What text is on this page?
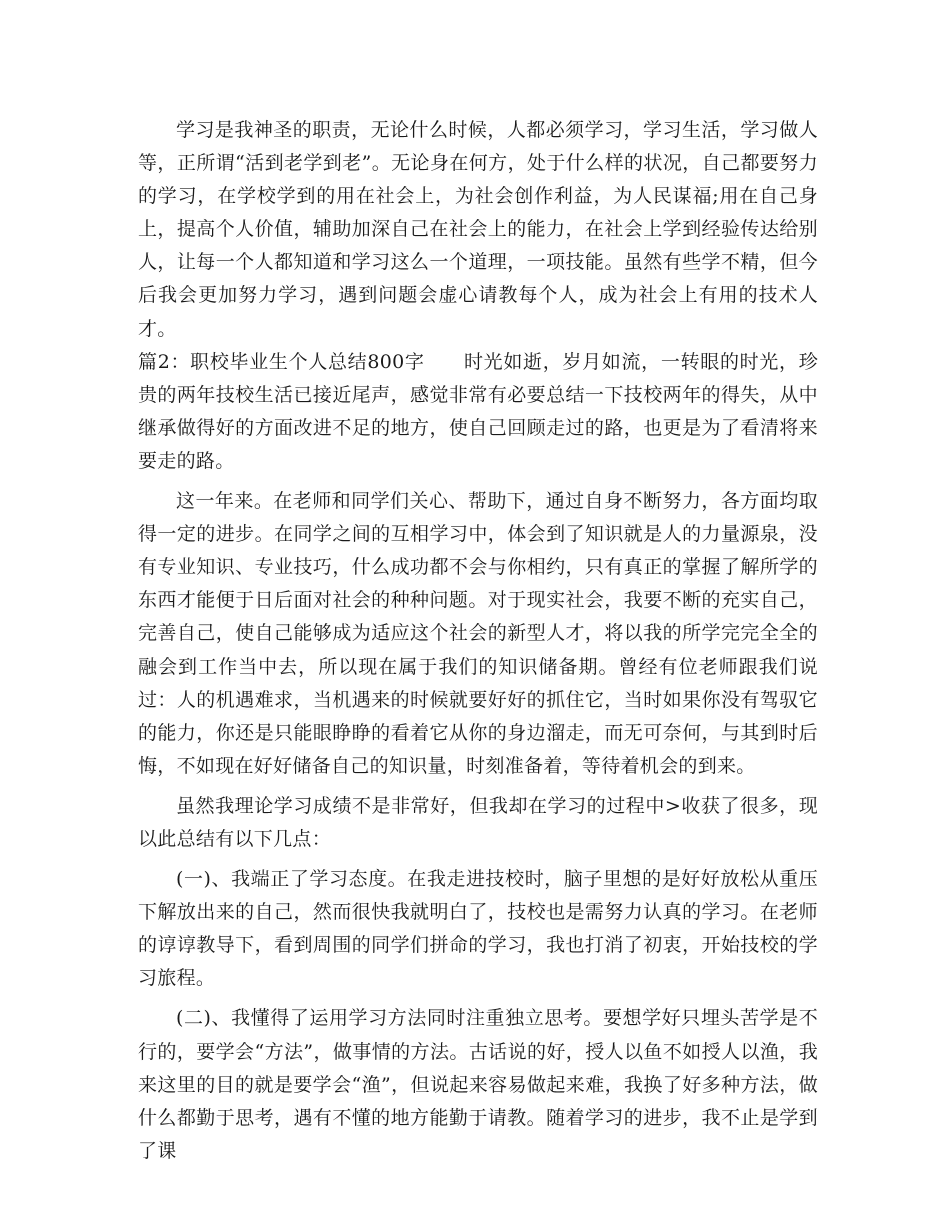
学习是我神圣的职责，无论什么时候，人都必须学习，学习生活，学习做人等，正所谓“活到老学到老”。无论身在何方，处于什么样的状况，自己都要努力的学习，在学校学到的用在社会上，为社会创作利益，为人民谋福;用在自己身上，提高个人价值，辅助加深自己在社会上的能力，在社会上学到经验传达给别人，让每一个人都知道和学习这么一个道理，一项技能。虽然有些学不精，但今后我会更加努力学习，遇到问题会虚心请教每个人，成为社会上有用的技术人才。

篇2：职校毕业生个人总结800字　　时光如逝，岁月如流，一转眼的时光，珍贵的两年技校生活已接近尾声，感觉非常有必要总结一下技校两年的得失，从中继承做得好的方面改进不足的地方，使自己回顾走过的路，也更是为了看清将来要走的路。

这一年来。在老师和同学们关心、帮助下，通过自身不断努力，各方面均取得一定的进步。在同学之间的互相学习中，体会到了知识就是人的力量源泉，没有专业知识、专业技巧，什么成功都不会与你相约，只有真正的掌握了解所学的东西才能便于日后面对社会的种种问题。对于现实社会，我要不断的充实自己，完善自己，使自己能够成为适应这个社会的新型人才，将以我的所学完完全全的融会到工作当中去，所以现在属于我们的知识储备期。曾经有位老师跟我们说过：人的机遇难求，当机遇来的时候就要好好的抓住它，当时如果你没有驾驭它的能力，你还是只能眼睁睁的看着它从你的身边溜走，而无可奈何，与其到时后悔，不如现在好好储备自己的知识量，时刻准备着，等待着机会的到来。

虽然我理论学习成绩不是非常好，但我却在学习的过程中>收获了很多，现以此总结有以下几点：

(一)、我端正了学习态度。在我走进技校时，脑子里想的是好好放松从重压下解放出来的自己，然而很快我就明白了，技校也是需努力认真的学习。在老师的谆谆教导下，看到周围的同学们拼命的学习，我也打消了初衷，开始技校的学习旅程。

(二)、我懂得了运用学习方法同时注重独立思考。要想学好只埋头苦学是不行的，要学会“方法”，做事情的方法。古话说的好，授人以鱼不如授人以渔，我来这里的目的就是要学会“渔”，但说起来容易做起来难，我换了好多种方法，做什么都勤于思考，遇有不懂的地方能勤于请教。随着学习的进步，我不止是学到了课
